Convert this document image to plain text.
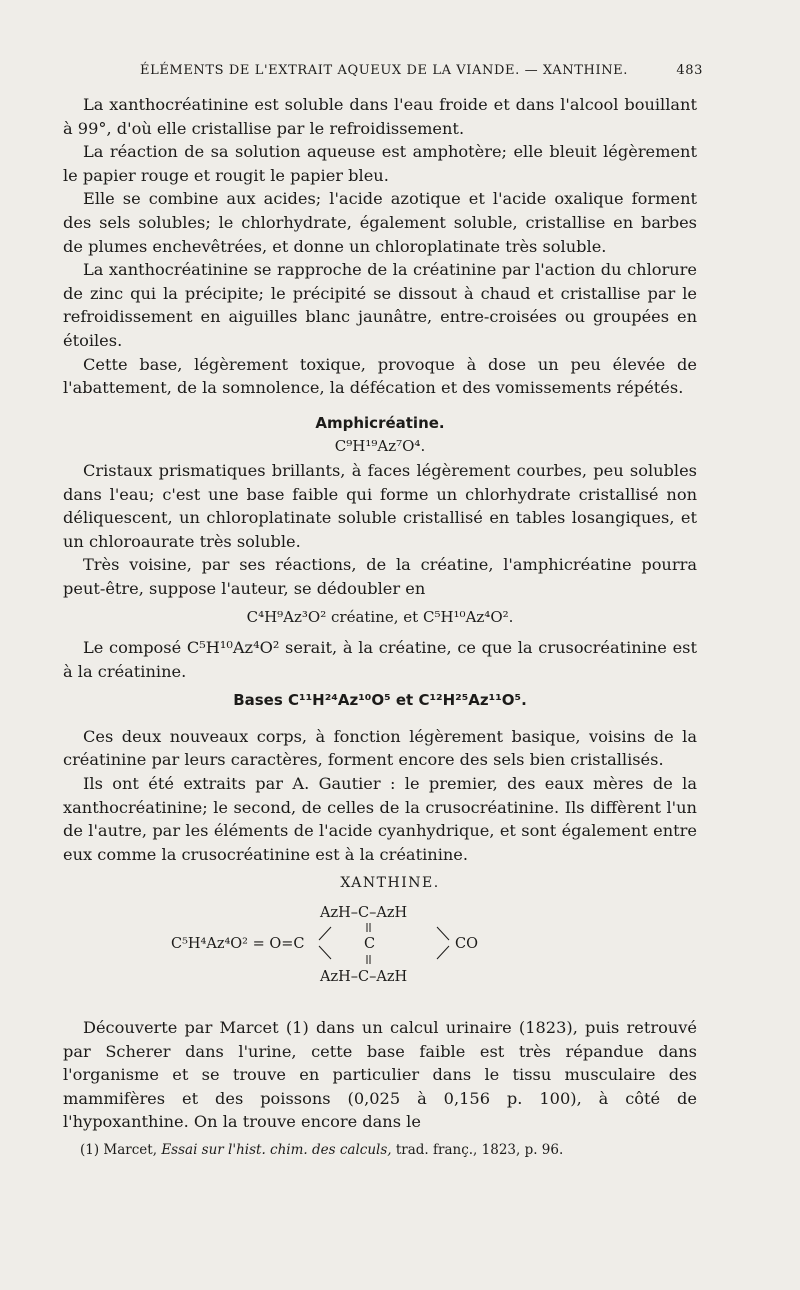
ÉLÉMENTS DE L'EXTRAIT AQUEUX DE LA VIANDE. — XANTHINE.	483

La xanthocréatinine est soluble dans l'eau froide et dans l'alcool bouillant à 99°, d'où elle cristallise par le refroidissement.

La réaction de sa solution aqueuse est amphotère; elle bleuit légèrement le papier rouge et rougit le papier bleu.

Elle se combine aux acides; l'acide azotique et l'acide oxalique forment des sels solubles; le chlorhydrate, également soluble, cristallise en barbes de plumes enchevêtrées, et donne un chloroplatinate très soluble.

La xanthocréatinine se rapproche de la créatinine par l'action du chlorure de zinc qui la précipite; le précipité se dissout à chaud et cristallise par le refroidissement en aiguilles blanc jaunâtre, entre-croisées ou groupées en étoiles.

Cette base, légèrement toxique, provoque à dose un peu élevée de l'abattement, de la somnolence, la défécation et des vomissements répétés.

Amphicréatine.

C⁹H¹⁹Az⁷O⁴.

Cristaux prismatiques brillants, à faces légèrement courbes, peu solubles dans l'eau; c'est une base faible qui forme un chlorhydrate cristallisé non déliquescent, un chloroplatinate soluble cristallisé en tables losangiques, et un chloroaurate très soluble.

Très voisine, par ses réactions, de la créatine, l'amphicréatine pourra peut-être, suppose l'auteur, se dédoubler en

C⁴H⁹Az³O² créatine, et C⁵H¹⁰Az⁴O².

Le composé C⁵H¹⁰Az⁴O² serait, à la créatine, ce que la crusocréatinine est à la créatinine.

Bases C¹¹H²⁴Az¹⁰O⁵ et C¹²H²⁵Az¹¹O⁵.

Ces deux nouveaux corps, à fonction légèrement basique, voisins de la créatinine par leurs caractères, forment encore des sels bien cristallisés.

Ils ont été extraits par A. Gautier : le premier, des eaux mères de la xanthocréatinine; le second, de celles de la crusocréatinine. Ils diffèrent l'un de l'autre, par les éléments de l'acide cyanhydrique, et sont également entre eux comme la crusocréatinine est à la créatinine.

XANTHINE.

AzH–C–AzH
C⁵H⁴Az⁴O² = O=C	C	CO
AzH–C–AzH

Découverte par Marcet (1) dans un calcul urinaire (1823), puis retrouvé par Scherer dans l'urine, cette base faible est très répandue dans l'organisme et se trouve en particulier dans le tissu musculaire des mammifères et des poissons (0,025 à 0,156 p. 100), à côté de l'hypoxanthine. On la trouve encore dans le

(1) Marcet, Essai sur l'hist. chim. des calculs, trad. franç., 1823, p. 96.
